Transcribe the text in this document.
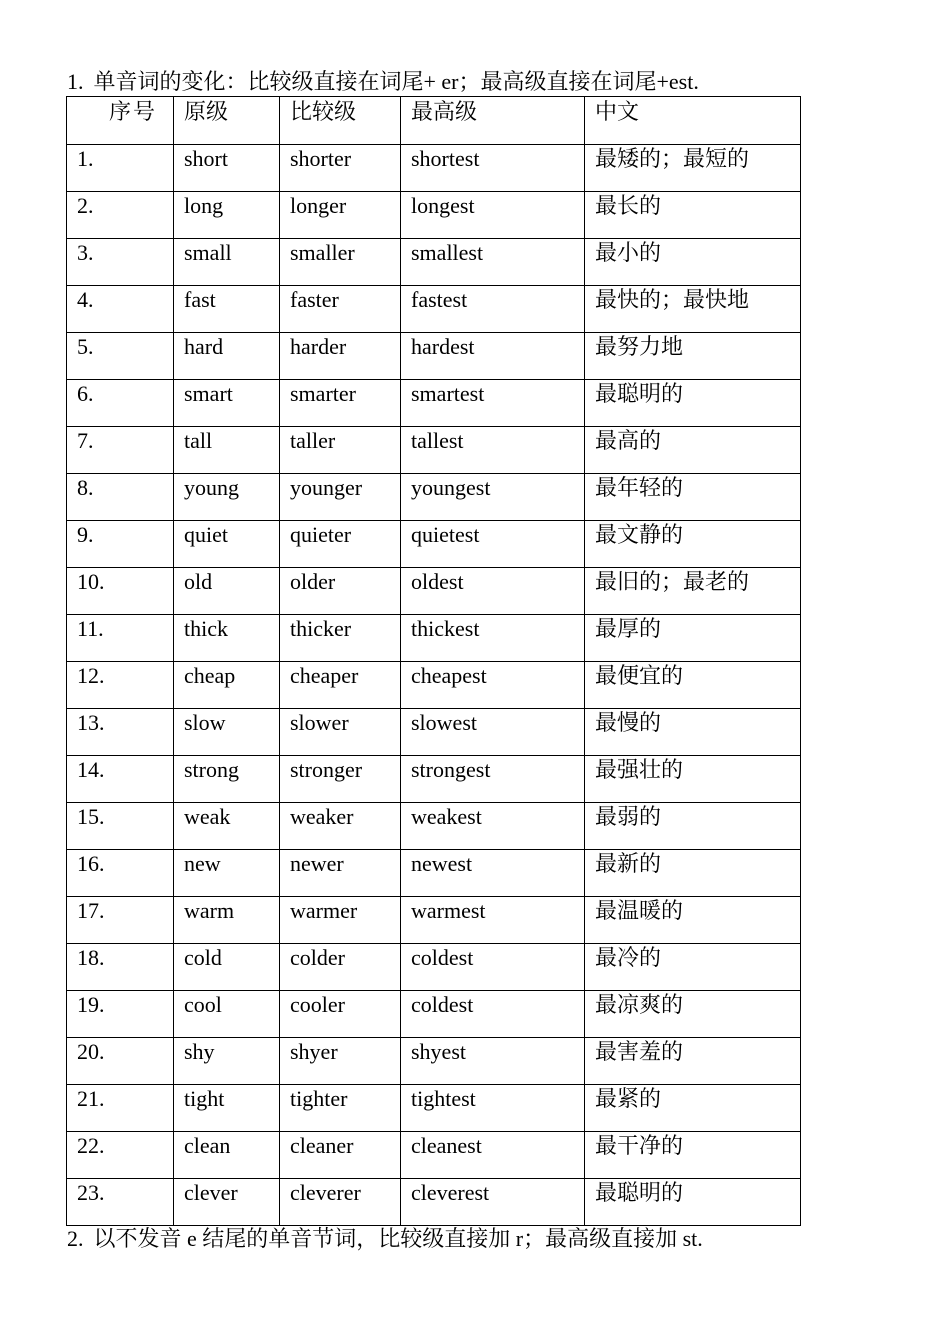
1. 单音词的变化：比较级直接在词尾+ er；最高级直接在词尾+est.
序号	原级	比较级	最高级	中文
1.	short	shorter	shortest	最矮的；最短的
2.	long	longer	longest	最长的
3.	small	smaller	smallest	最小的
4.	fast	faster	fastest	最快的；最快地
5.	hard	harder	hardest	最努力地
6.	smart	smarter	smartest	最聪明的
7.	tall	taller	tallest	最高的
8.	young	younger	youngest	最年轻的
9.	quiet	quieter	quietest	最文静的
10.	old	older	oldest	最旧的；最老的
11.	thick	thicker	thickest	最厚的
12.	cheap	cheaper	cheapest	最便宜的
13.	slow	slower	slowest	最慢的
14.	strong	stronger	strongest	最强壮的
15.	weak	weaker	weakest	最弱的
16.	new	newer	newest	最新的
17.	warm	warmer	warmest	最温暖的
18.	cold	colder	coldest	最冷的
19.	cool	cooler	coldest	最凉爽的
20.	shy	shyer	shyest	最害羞的
21.	tight	tighter	tightest	最紧的
22.	clean	cleaner	cleanest	最干净的
23.	clever	cleverer	cleverest	最聪明的
2. 以不发音 e 结尾的单音节词，比较级直接加 r；最高级直接加 st.
